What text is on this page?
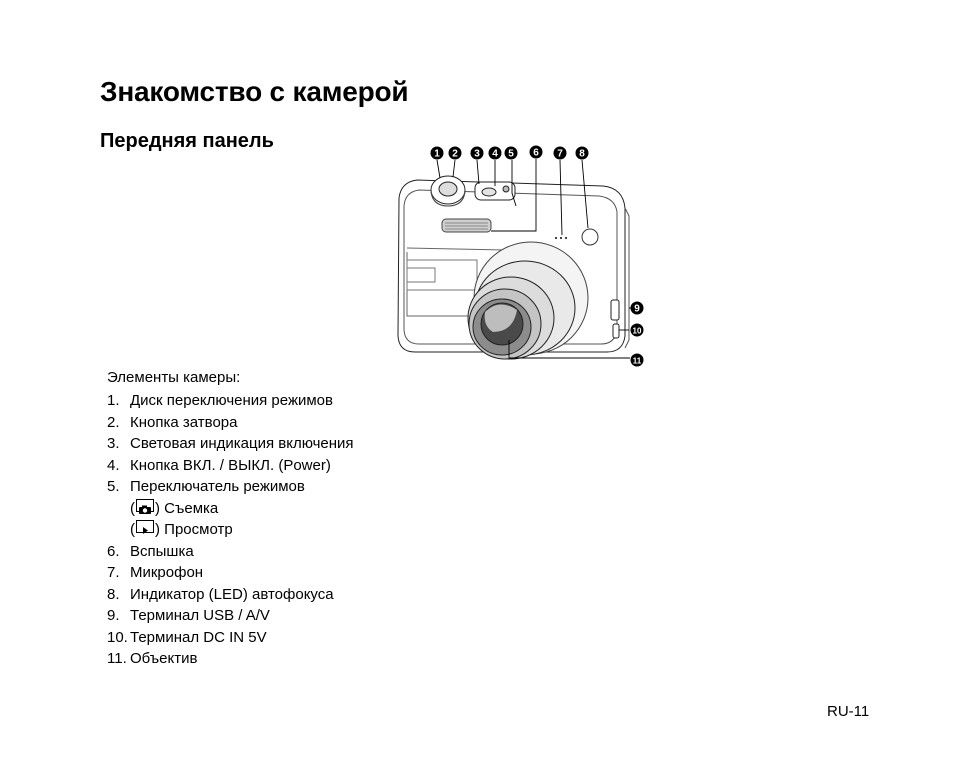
Знакомство с камерой
Передняя панель
1 2 3 4 5 6 7 8
9
10
11
Элементы камеры:
1. Диск переключения режимов
2. Кнопка затвора
3. Световая индикация включения
4. Кнопка ВКЛ. / ВЫКЛ. (Power)
5. Переключатель режимов
( ) Съемка
( ) Просмотр
6. Вспышка
7. Микрофон
8. Индикатор (LED) автофокуса
9. Терминал USB / A/V
10. Терминал DC IN 5V
11. Объектив
RU-11
